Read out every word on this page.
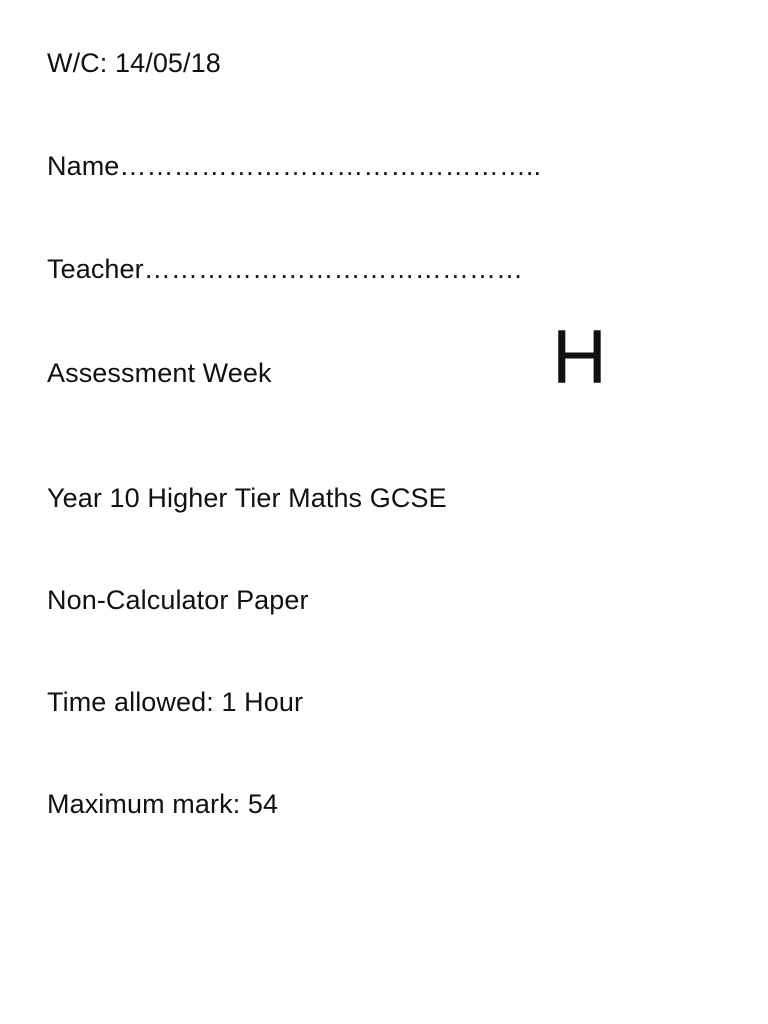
W/C: 14/05/18
Name………………………………………..
Teacher……………………………………
Assessment Week	H
Year 10 Higher Tier Maths GCSE
Non-Calculator Paper
Time allowed: 1 Hour
Maximum mark: 54
